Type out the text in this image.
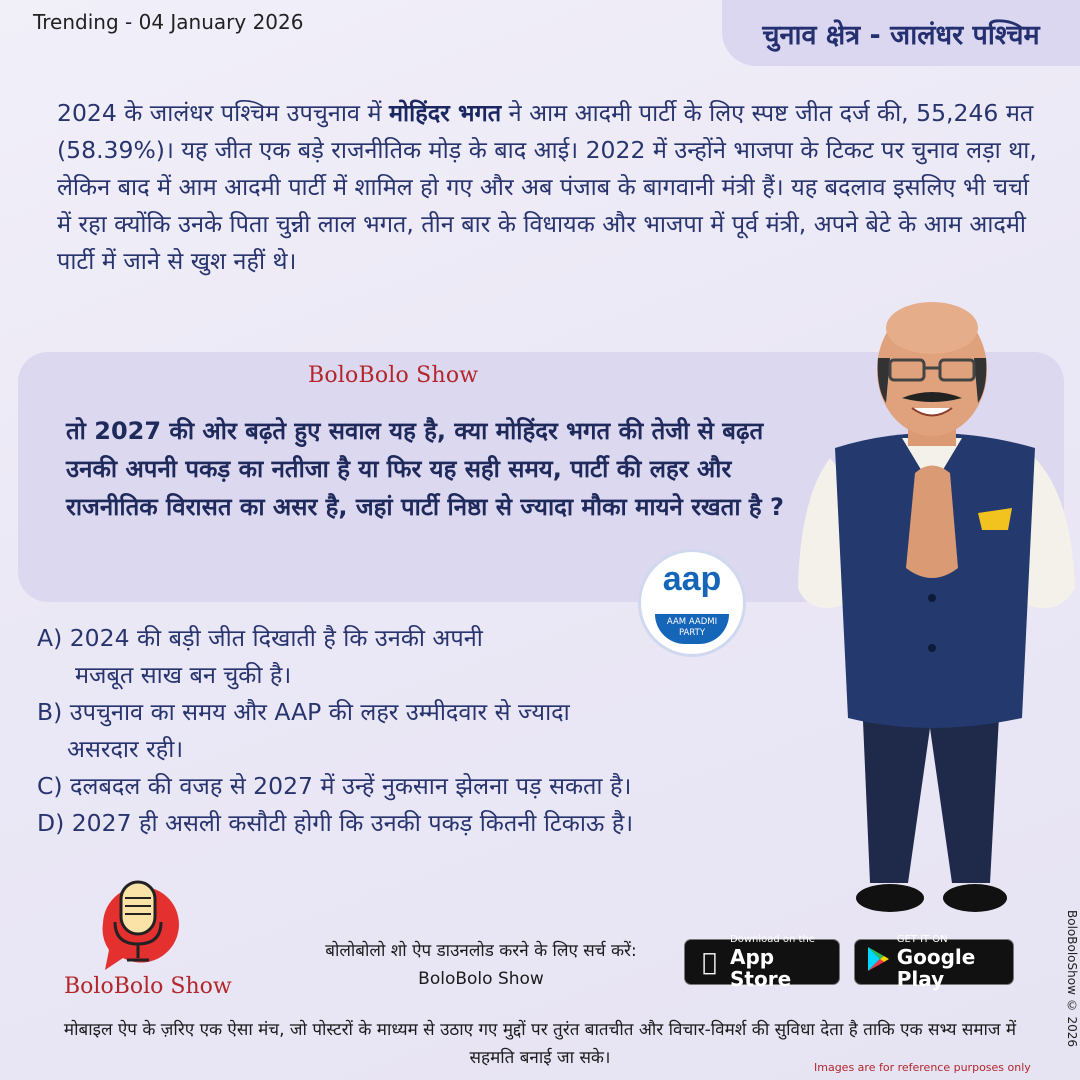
Trending - 04 January 2026	चुनाव क्षेत्र - जालंधर पश्चिम
2024 के जालंधर पश्चिम उपचुनाव में मोहिंदर भगत ने आम आदमी पार्टी के लिए स्पष्ट जीत दर्ज की, 55,246 मत (58.39%)। यह जीत एक बड़े राजनीतिक मोड़ के बाद आई। 2022 में उन्होंने भाजपा के टिकट पर चुनाव लड़ा था, लेकिन बाद में आम आदमी पार्टी में शामिल हो गए और अब पंजाब के बागवानी मंत्री हैं। यह बदलाव इसलिए भी चर्चा में रहा क्योंकि उनके पिता चुन्नी लाल भगत, तीन बार के विधायक और भाजपा में पूर्व मंत्री, अपने बेटे के आम आदमी पार्टी में जाने से खुश नहीं थे।
BoloBolo Show
तो 2027 की ओर बढ़ते हुए सवाल यह है, क्या मोहिंदर भगत की तेजी से बढ़त उनकी अपनी पकड़ का नतीजा है या फिर यह सही समय, पार्टी की लहर और राजनीतिक विरासत का असर है, जहां पार्टी निष्ठा से ज्यादा मौका मायने रखता है ?
aap
AAM AADMI PARTY
A) 2024 की बड़ी जीत दिखाती है कि उनकी अपनी
मजबूत साख बन चुकी है।
B) उपचुनाव का समय और AAP की लहर उम्मीदवार से ज्यादा
असरदार रही।
C) दलबदल की वजह से 2027 में उन्हें नुकसान झेलना पड़ सकता है।
D) 2027 ही असली कसौटी होगी कि उनकी पकड़ कितनी टिकाऊ है।
BoloBolo Show
बोलोबोलो शो ऐप डाउनलोड करने के लिए सर्च करें:
BoloBolo Show
Download on the
App Store
GET IT ON
Google Play
मोबाइल ऐप के ज़रिए एक ऐसा मंच, जो पोस्टरों के माध्यम से उठाए गए मुद्दों पर तुरंत बातचीत और विचार-विमर्श की सुविधा देता है ताकि एक सभ्य समाज में सहमति बनाई जा सके।	Images are for reference purposes only
BoloBoloShow © 2026
